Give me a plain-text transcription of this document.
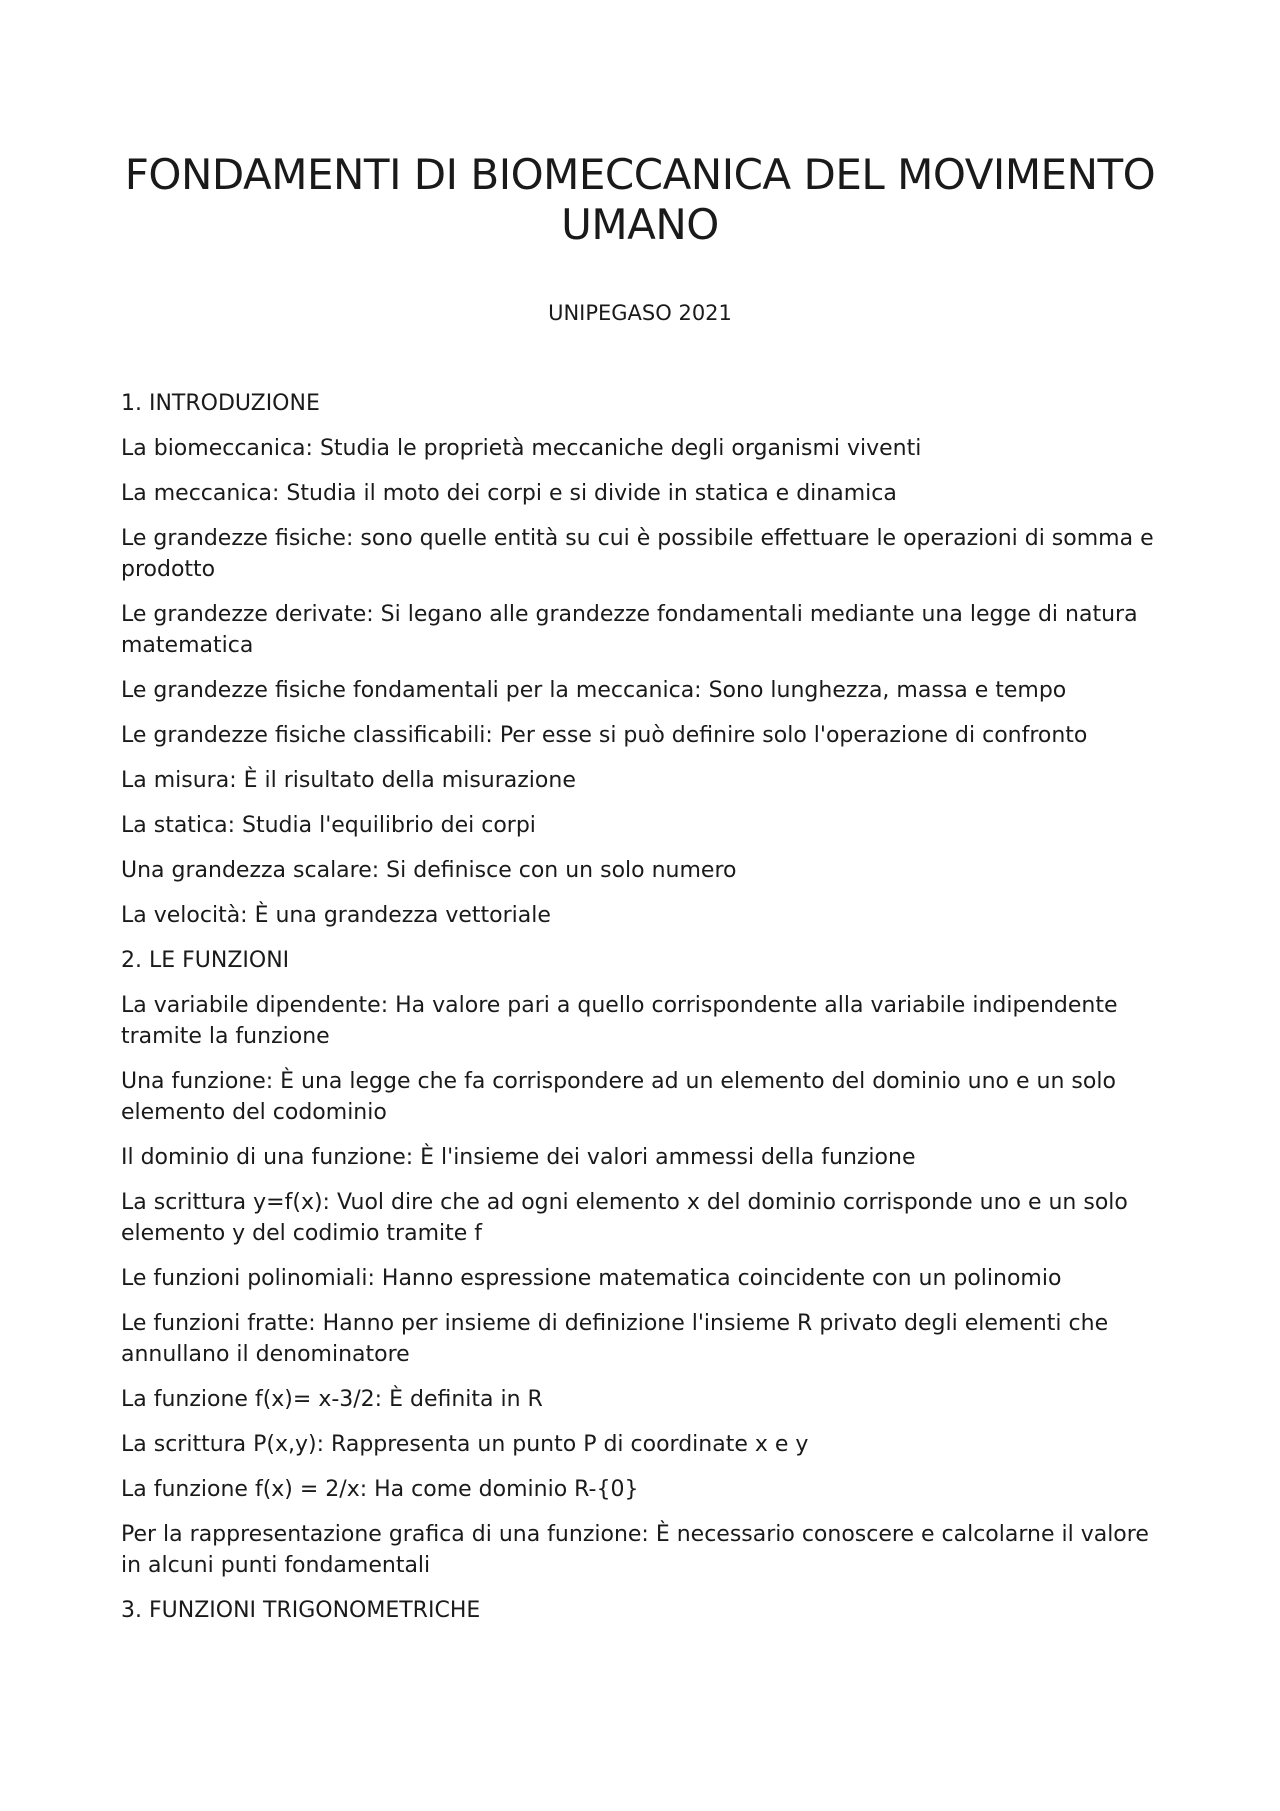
FONDAMENTI DI BIOMECCANICA DEL MOVIMENTO UMANO

UNIPEGASO 2021

1. INTRODUZIONE

La biomeccanica: Studia le proprietà meccaniche degli organismi viventi

La meccanica: Studia il moto dei corpi e si divide in statica e dinamica

Le grandezze fisiche: sono quelle entità su cui è possibile effettuare le operazioni di somma e prodotto

Le grandezze derivate: Si legano alle grandezze fondamentali mediante una legge di natura matematica

Le grandezze fisiche fondamentali per la meccanica: Sono lunghezza, massa e tempo

Le grandezze fisiche classificabili: Per esse si può definire solo l'operazione di confronto

La misura: È il risultato della misurazione

La statica: Studia l'equilibrio dei corpi

Una grandezza scalare: Si definisce con un solo numero

La velocità: È una grandezza vettoriale

2. LE FUNZIONI

La variabile dipendente: Ha valore pari a quello corrispondente alla variabile indipendente tramite la funzione

Una funzione: È una legge che fa corrispondere ad un elemento del dominio uno e un solo elemento del codominio

Il dominio di una funzione: È l'insieme dei valori ammessi della funzione

La scrittura y=f(x): Vuol dire che ad ogni elemento x del dominio corrisponde uno e un solo elemento y del codimio tramite f

Le funzioni polinomiali: Hanno espressione matematica coincidente con un polinomio

Le funzioni fratte: Hanno per insieme di definizione l'insieme R privato degli elementi che annullano il denominatore

La funzione f(x)= x-3/2: È definita in R

La scrittura P(x,y): Rappresenta un punto P di coordinate x e y

La funzione f(x) = 2/x: Ha come dominio R-{0}

Per la rappresentazione grafica di una funzione: È necessario conoscere e calcolarne il valore in alcuni punti fondamentali

3. FUNZIONI TRIGONOMETRICHE
